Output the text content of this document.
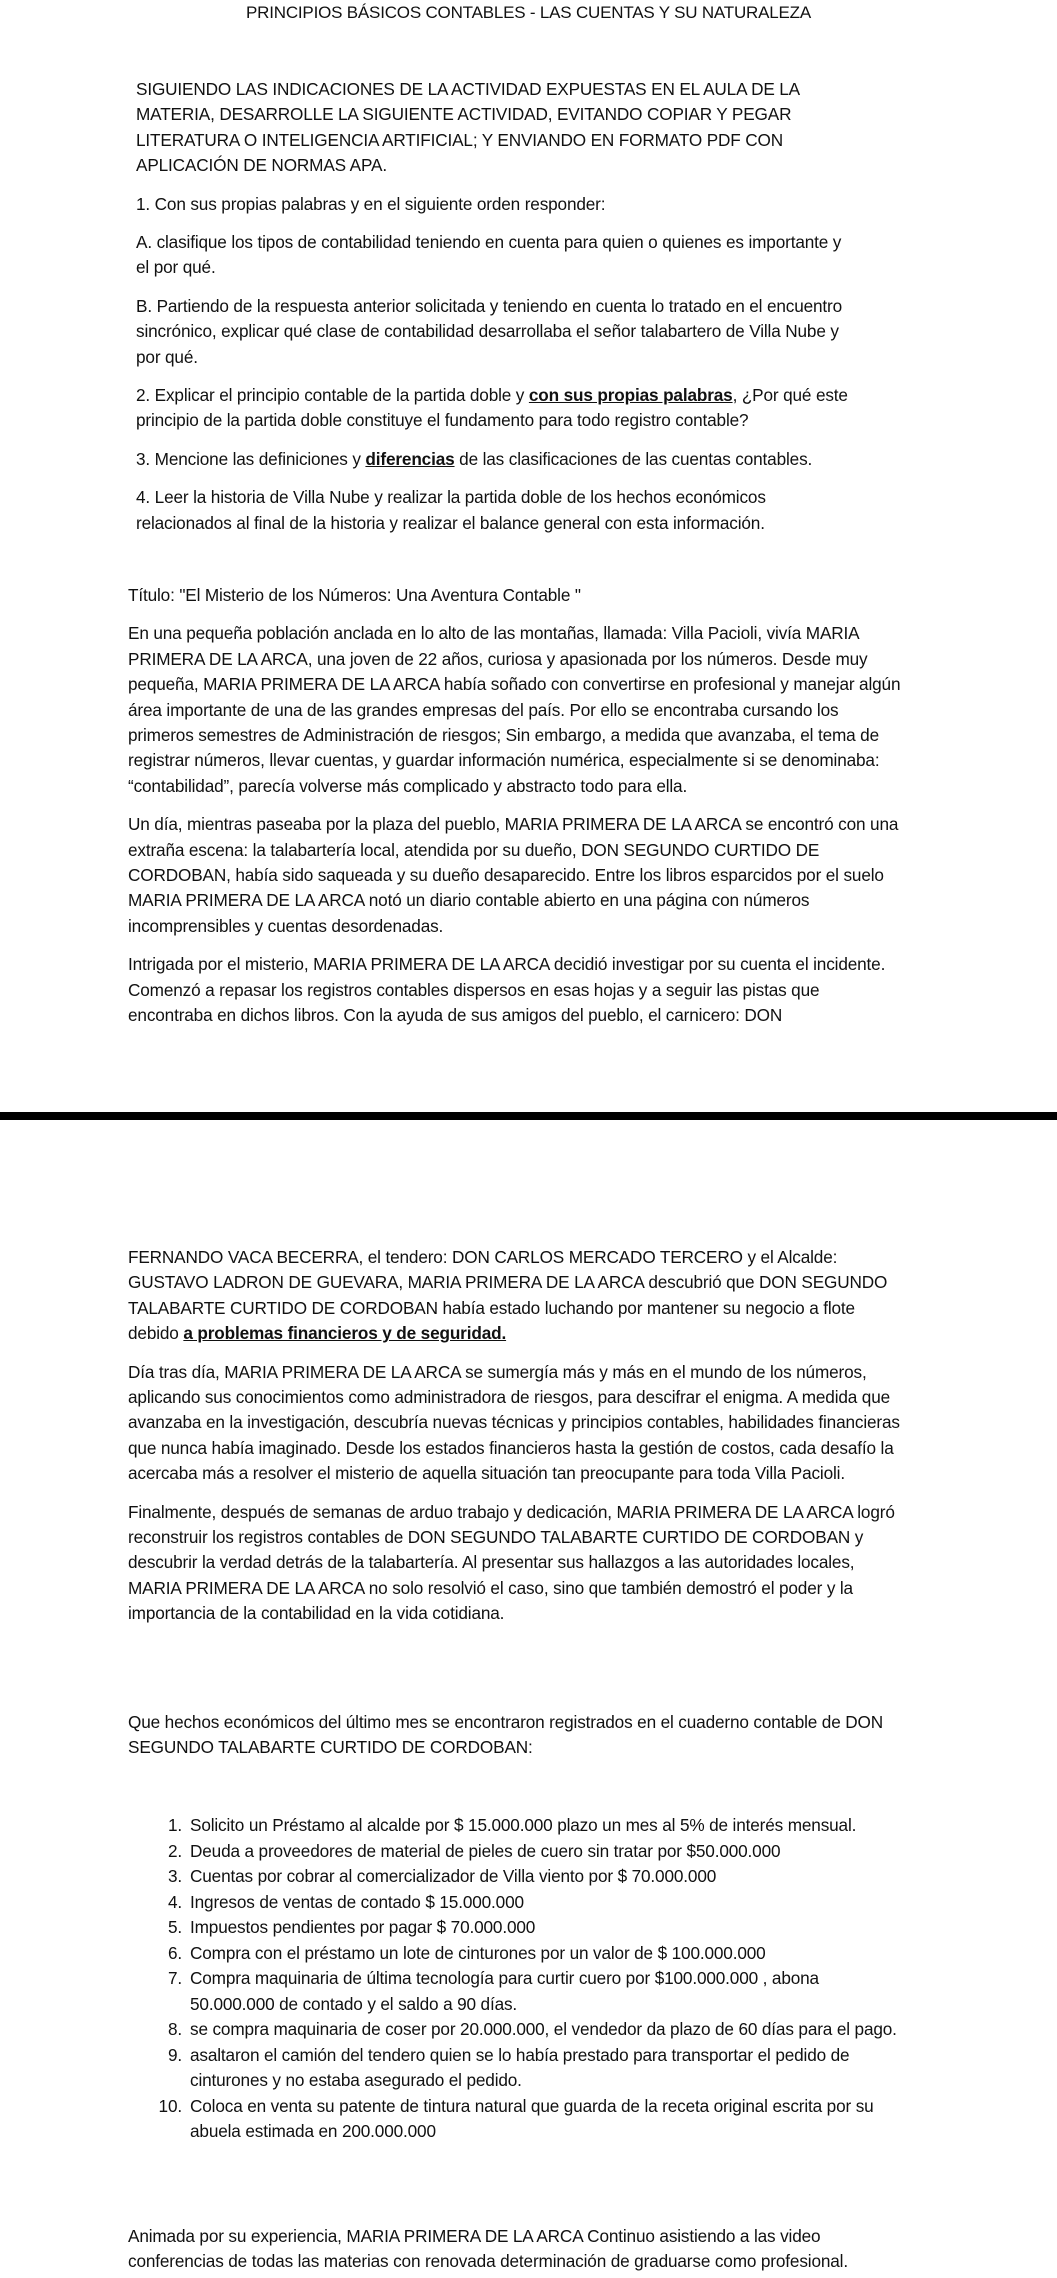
PRINCIPIOS BÁSICOS CONTABLES - LAS CUENTAS Y SU NATURALEZA

SIGUIENDO LAS INDICACIONES DE LA ACTIVIDAD EXPUESTAS EN EL AULA DE LA MATERIA, DESARROLLE LA SIGUIENTE ACTIVIDAD, EVITANDO COPIAR Y PEGAR LITERATURA O INTELIGENCIA ARTIFICIAL; Y ENVIANDO EN FORMATO PDF CON APLICACIÓN DE NORMAS APA.

1. Con sus propias palabras y en el siguiente orden responder:

A. clasifique los tipos de contabilidad teniendo en cuenta para quien o quienes es importante y el por qué.

B. Partiendo de la respuesta anterior solicitada y teniendo en cuenta lo tratado en el encuentro sincrónico, explicar qué clase de contabilidad desarrollaba el señor talabartero de Villa Nube y por qué.

2. Explicar el principio contable de la partida doble y con sus propias palabras, ¿Por qué este principio de la partida doble constituye el fundamento para todo registro contable?

3. Mencione las definiciones y diferencias de las clasificaciones de las cuentas contables.

4. Leer la historia de Villa Nube y realizar la partida doble de los hechos económicos relacionados al final de la historia y realizar el balance general con esta información.

Título: "El Misterio de los Números: Una Aventura Contable "

En una pequeña población anclada en lo alto de las montañas, llamada: Villa Pacioli, vivía MARIA PRIMERA DE LA ARCA, una joven de 22 años, curiosa y apasionada por los números. Desde muy pequeña, MARIA PRIMERA DE LA ARCA había soñado con convertirse en profesional y manejar algún área importante de una de las grandes empresas del país. Por ello se encontraba cursando los primeros semestres de Administración de riesgos; Sin embargo, a medida que avanzaba, el tema de registrar números, llevar cuentas, y guardar información numérica, especialmente si se denominaba: “contabilidad”, parecía volverse más complicado y abstracto todo para ella.

Un día, mientras paseaba por la plaza del pueblo, MARIA PRIMERA DE LA ARCA se encontró con una extraña escena: la talabartería local, atendida por su dueño, DON SEGUNDO CURTIDO DE CORDOBAN, había sido saqueada y su dueño desaparecido. Entre los libros esparcidos por el suelo MARIA PRIMERA DE LA ARCA notó un diario contable abierto en una página con números incomprensibles y cuentas desordenadas.

Intrigada por el misterio, MARIA PRIMERA DE LA ARCA decidió investigar por su cuenta el incidente. Comenzó a repasar los registros contables dispersos en esas hojas y a seguir las pistas que encontraba en dichos libros. Con la ayuda de sus amigos del pueblo, el carnicero: DON

FERNANDO VACA BECERRA, el tendero: DON CARLOS MERCADO TERCERO y el Alcalde: GUSTAVO LADRON DE GUEVARA, MARIA PRIMERA DE LA ARCA descubrió que DON SEGUNDO TALABARTE CURTIDO DE CORDOBAN había estado luchando por mantener su negocio a flote debido a problemas financieros y de seguridad.

Día tras día, MARIA PRIMERA DE LA ARCA se sumergía más y más en el mundo de los números, aplicando sus conocimientos como administradora de riesgos, para descifrar el enigma. A medida que avanzaba en la investigación, descubría nuevas técnicas y principios contables, habilidades financieras que nunca había imaginado. Desde los estados financieros hasta la gestión de costos, cada desafío la acercaba más a resolver el misterio de aquella situación tan preocupante para toda Villa Pacioli.

Finalmente, después de semanas de arduo trabajo y dedicación, MARIA PRIMERA DE LA ARCA logró reconstruir los registros contables de DON SEGUNDO TALABARTE CURTIDO DE CORDOBAN y descubrir la verdad detrás de la talabartería. Al presentar sus hallazgos a las autoridades locales, MARIA PRIMERA DE LA ARCA no solo resolvió el caso, sino que también demostró el poder y la importancia de la contabilidad en la vida cotidiana.

Que hechos económicos del último mes se encontraron registrados en el cuaderno contable de DON SEGUNDO TALABARTE CURTIDO DE CORDOBAN:
Solicito un Préstamo al alcalde por $ 15.000.000 plazo un mes al 5% de interés mensual.
Deuda a proveedores de material de pieles de cuero sin tratar por $50.000.000
Cuentas por cobrar al comercializador de Villa viento por $ 70.000.000
Ingresos de ventas de contado $ 15.000.000
Impuestos pendientes por pagar $ 70.000.000
Compra con el préstamo un lote de cinturones por un valor de $ 100.000.000
Compra maquinaria de última tecnología para curtir cuero por $100.000.000 , abona 50.000.000 de contado y el saldo a 90 días.
se compra maquinaria de coser por 20.000.000, el vendedor da plazo de 60 días para el pago.
asaltaron el camión del tendero quien se lo había prestado para transportar el pedido de cinturones y no estaba asegurado el pedido.
Coloca en venta su patente de tintura natural que guarda de la receta original escrita por su abuela estimada en 200.000.000
Animada por su experiencia, MARIA PRIMERA DE LA ARCA Continuo asistiendo a las video conferencias de todas las materias con renovada determinación de graduarse como profesional.
